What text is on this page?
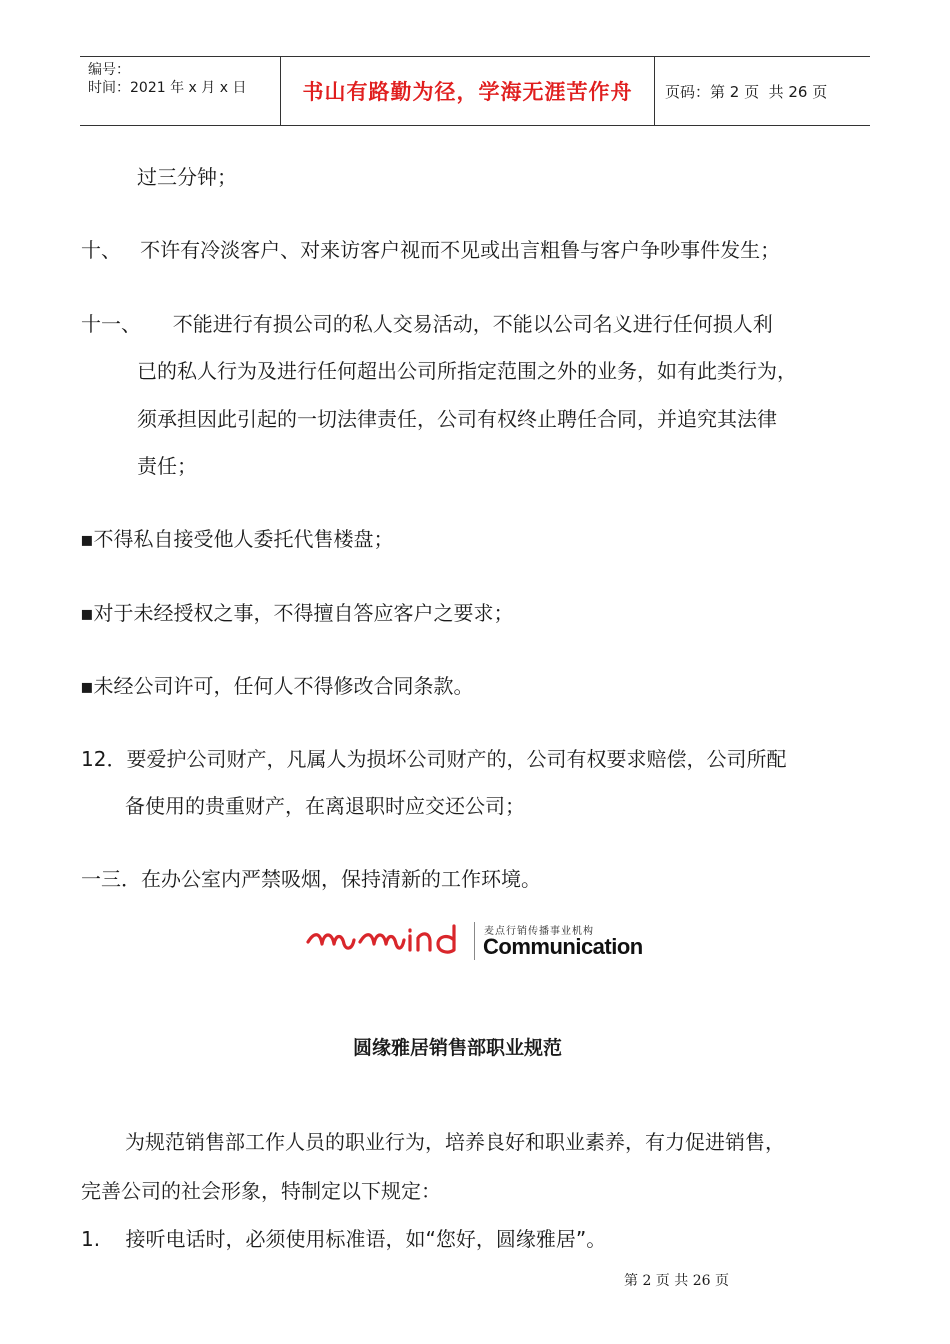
编号：
时间：2021 年 x 月 x 日	书山有路勤为径，学海无涯苦作舟	页码：第 2 页  共 26 页
过三分钟；
十、   不许有冷淡客户、对来访客户视而不见或出言粗鲁与客户争吵事件发生；
十一、     不能进行有损公司的私人交易活动，不能以公司名义进行任何损人利
已的私人行为及进行任何超出公司所指定范围之外的业务，如有此类行为，
须承担因此引起的一切法律责任，公司有权终止聘任合同，并追究其法律
责任；
▪不得私自接受他人委托代售楼盘；
▪对于未经授权之事，不得擅自答应客户之要求；
▪未经公司许可，任何人不得修改合同条款。
12．要爱护公司财产，凡属人为损坏公司财产的，公司有权要求赔偿，公司所配
备使用的贵重财产，在离退职时应交还公司；
一三．在办公室内严禁吸烟，保持清新的工作环境。
麦点行销传播事业机构
Communication
圆缘雅居销售部职业规范
为规范销售部工作人员的职业行为，培养良好和职业素养，有力促进销售，
完善公司的社会形象，特制定以下规定：
1.    接听电话时，必须使用标准语，如“您好，圆缘雅居”。
第 2 页 共 26 页
